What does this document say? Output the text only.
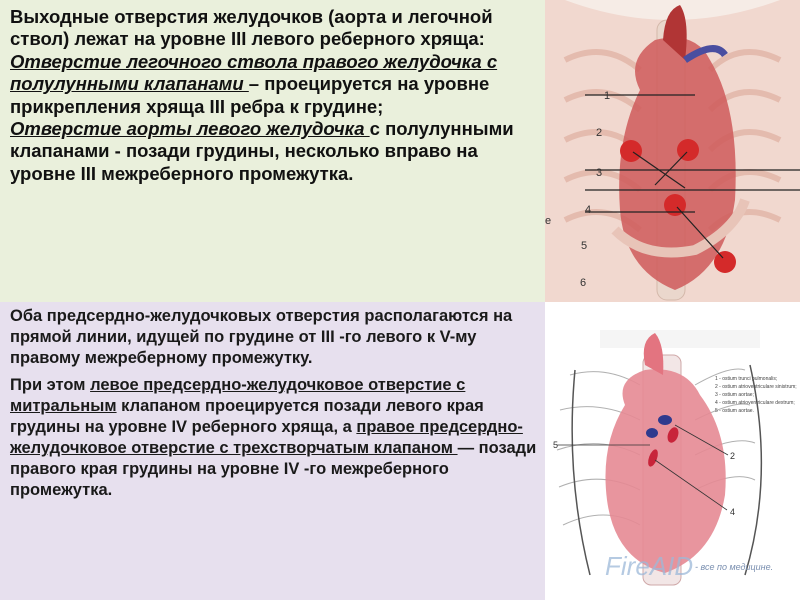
Выходные отверстия желудочков (аорта и легочной ствол) лежат на уровне III левого реберного хряща:
Отверстие легочного ствола правого желудочка с полулунными клапанами – проецируется на уровне прикрепления хряща III ребра к грудине;
Отверстие аорты левого желудочка с полулунными клапанами - позади грудины, несколько вправо на уровне III межреберного промежутка.

Оба предсердно-желудочковых отверстия располагаются на прямой линии, идущей по грудине от III -го левого к V-му правому межреберному промежутку.

При этом левое предсердно-желудочковое отверстие с митральным клапаном проецируется позади левого края грудины на уровне IV реберного хряща, а правое предсердно-желудочковое отверстие с трехстворчатым клапаном — позади правого края грудины на уровне IV -го межреберного промежутка.

1
2
3
4
5
6
е
5
2
4
1 - ostium trunci pulmonalis;
2 - ostium atrioventriculare sinistrum;
3 - ostium aortae;
4 - ostium atrioventriculare dextrum;
5 - ostium aortae.
FireAID - все по медицине.
